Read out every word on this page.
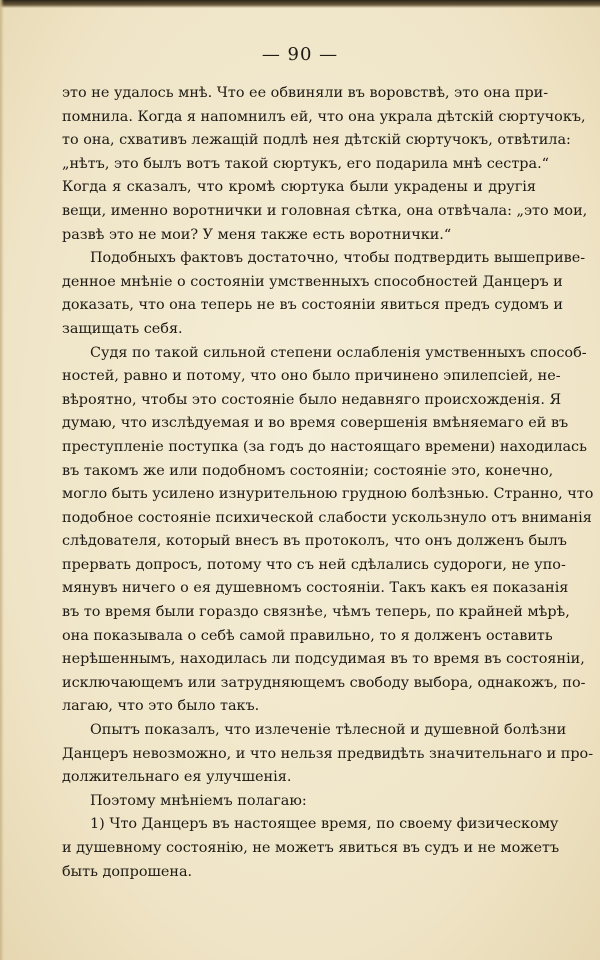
— 90 —

это не удалось мнѣ. Что ее обвиняли въ воровствѣ, это она при-
помнила. Когда я напомнилъ ей, что она украла дѣтскій сюртучокъ,
то она, схвативъ лежащій подлѣ нея дѣтскій сюртучокъ, отвѣтила:
„нѣтъ, это былъ вотъ такой сюртукъ, его подарила мнѣ сестра.“
Когда я сказалъ, что кромѣ сюртука были украдены и другія
вещи, именно воротнички и головная сѣтка, она отвѣчала: „это мои,
развѣ это не мои? У меня также есть воротнички.“

Подобныхъ фактовъ достаточно, чтобы подтвердить вышеприве-
денное мнѣніе о состояніи умственныхъ способностей Данцеръ и
доказать, что она теперь не въ состояніи явиться предъ судомъ и
защищать себя.

Судя по такой сильной степени ослабленія умственныхъ способ-
ностей, равно и потому, что оно было причинено эпилепсіей, не-
вѣроятно, чтобы это состояніе было недавняго происхожденія. Я
думаю, что изслѣдуемая и во время совершенія вмѣняемаго ей въ
преступленіе поступка (за годъ до настоящаго времени) находилась
въ такомъ же или подобномъ состояніи; состояніе это, конечно,
могло быть усилено изнурительною грудною болѣзнью. Странно, что
подобное состояніе психической слабости ускользнуло отъ вниманія
слѣдователя, который внесъ въ протоколъ, что онъ долженъ былъ
прервать допросъ, потому что съ ней сдѣлались судороги, не упо-
мянувъ ничего о ея душевномъ состояніи. Такъ какъ ея показанія
въ то время были гораздо связнѣе, чѣмъ теперь, по крайней мѣрѣ,
она показывала о себѣ самой правильно, то я долженъ оставить
нерѣшеннымъ, находилась ли подсудимая въ то время въ состояніи,
исключающемъ или затрудняющемъ свободу выбора, однакожъ, по-
лагаю, что это было такъ.

Опытъ показалъ, что излеченіе тѣлесной и душевной болѣзни
Данцеръ невозможно, и что нельзя предвидѣть значительнаго и про-
должительнаго ея улучшенія.

Поэтому мнѣніемъ полагаю:

1) Что Данцеръ въ настоящее время, по своему физическому
и душевному состоянію, не можетъ явиться въ судъ и не можетъ
быть допрошена.
